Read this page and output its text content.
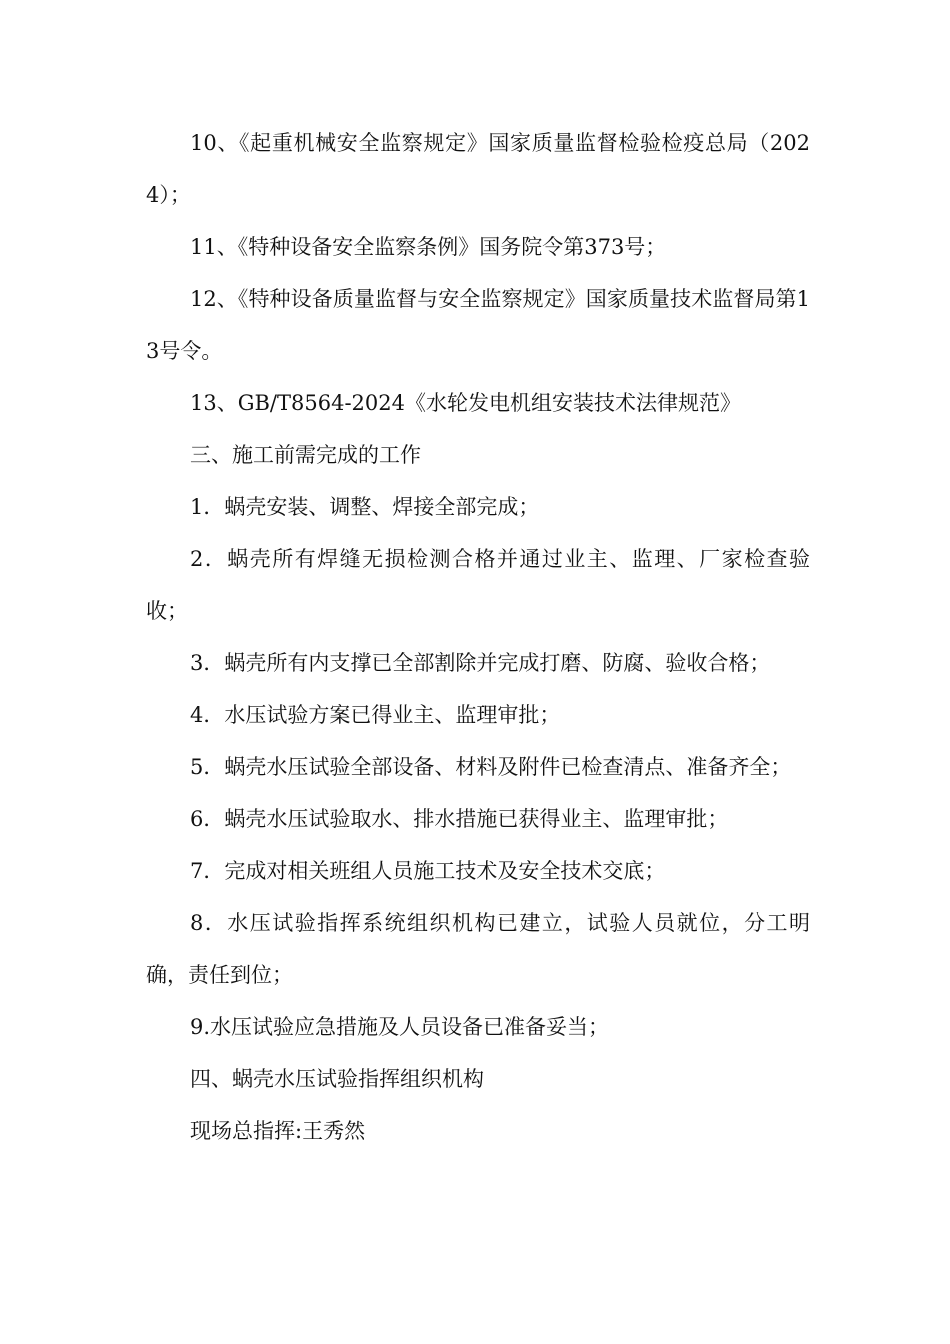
10、《起重机械安全监察规定》国家质量监督检验检疫总局（2024）；

11、《特种设备安全监察条例》国务院令第373号；

12、《特种设备质量监督与安全监察规定》国家质量技术监督局第13号令。

13、GB/T8564-2024《水轮发电机组安装技术法律规范》

三、施工前需完成的工作

1．蜗壳安装、调整、焊接全部完成；

2．蜗壳所有焊缝无损检测合格并通过业主、监理、厂家检查验收；

3．蜗壳所有内支撑已全部割除并完成打磨、防腐、验收合格；

4．水压试验方案已得业主、监理审批；

5．蜗壳水压试验全部设备、材料及附件已检查清点、准备齐全；

6．蜗壳水压试验取水、排水措施已获得业主、监理审批；

7．完成对相关班组人员施工技术及安全技术交底；

8．水压试验指挥系统组织机构已建立，试验人员就位，分工明确，责任到位；

9.水压试验应急措施及人员设备已准备妥当；

四、蜗壳水压试验指挥组织机构

现场总指挥:王秀然
